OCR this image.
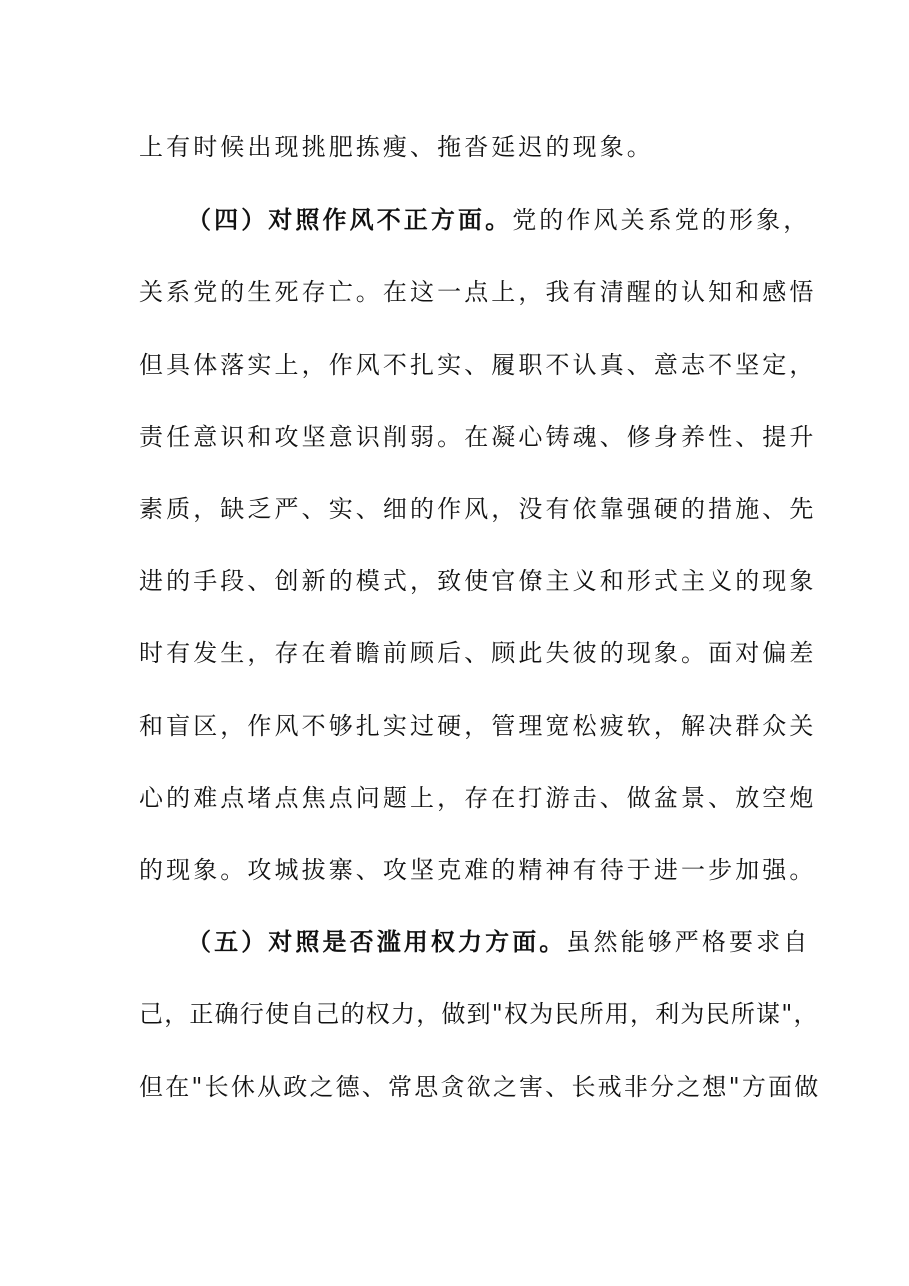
上有时候出现挑肥拣瘦、拖沓延迟的现象。
（四）对照作风不正方面。党的作风关系党的形象，
关系党的生死存亡。在这一点上，我有清醒的认知和感悟
但具体落实上，作风不扎实、履职不认真、意志不坚定，
责任意识和攻坚意识削弱。在凝心铸魂、修身养性、提升
素质，缺乏严、实、细的作风，没有依靠强硬的措施、先
进的手段、创新的模式，致使官僚主义和形式主义的现象
时有发生，存在着瞻前顾后、顾此失彼的现象。面对偏差
和盲区，作风不够扎实过硬，管理宽松疲软，解决群众关
心的难点堵点焦点问题上，存在打游击、做盆景、放空炮
的现象。攻城拔寨、攻坚克难的精神有待于进一步加强。
（五）对照是否滥用权力方面。虽然能够严格要求自
己，正确行使自己的权力，做到"权为民所用，利为民所谋"，
但在"长休从政之德、常思贪欲之害、长戒非分之想"方面做
